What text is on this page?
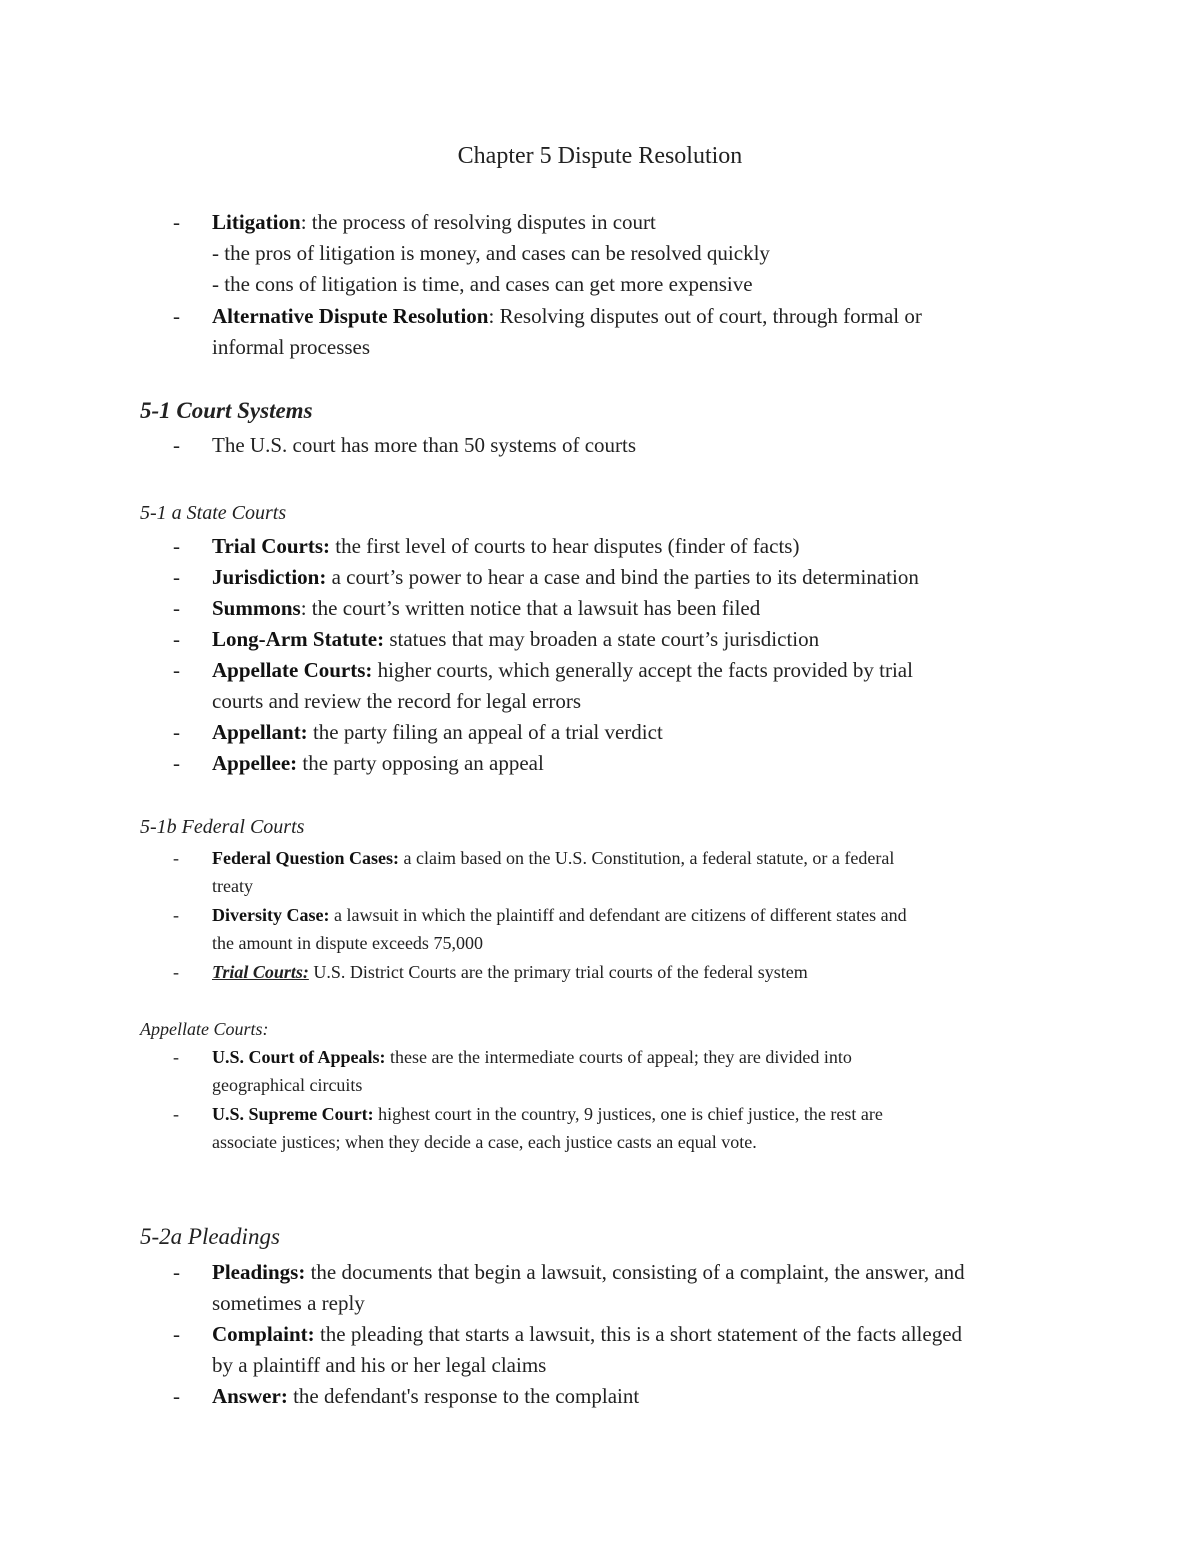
Chapter 5 Dispute Resolution
- Litigation: the process of resolving disputes in court
- the pros of litigation is money, and cases can be resolved quickly
- the cons of litigation is time, and cases can get more expensive
- Alternative Dispute Resolution: Resolving disputes out of court, through formal or
informal processes
5-1 Court Systems
- The U.S. court has more than 50 systems of courts
5-1 a State Courts
- Trial Courts: the first level of courts to hear disputes (finder of facts)
- Jurisdiction: a court’s power to hear a case and bind the parties to its determination
- Summons: the court’s written notice that a lawsuit has been filed
- Long-Arm Statute: statues that may broaden a state court’s jurisdiction
- Appellate Courts: higher courts, which generally accept the facts provided by trial
courts and review the record for legal errors
- Appellant: the party filing an appeal of a trial verdict
- Appellee: the party opposing an appeal
5-1b Federal Courts
- Federal Question Cases: a claim based on the U.S. Constitution, a federal statute, or a federal
treaty
- Diversity Case: a lawsuit in which the plaintiff and defendant are citizens of different states and
the amount in dispute exceeds 75,000
- Trial Courts: U.S. District Courts are the primary trial courts of the federal system
Appellate Courts:
- U.S. Court of Appeals: these are the intermediate courts of appeal; they are divided into
geographical circuits
- U.S. Supreme Court: highest court in the country, 9 justices, one is chief justice, the rest are
associate justices; when they decide a case, each justice casts an equal vote.
5-2a Pleadings
- Pleadings: the documents that begin a lawsuit, consisting of a complaint, the answer, and
sometimes a reply
- Complaint: the pleading that starts a lawsuit, this is a short statement of the facts alleged
by a plaintiff and his or her legal claims
- Answer: the defendant's response to the complaint
